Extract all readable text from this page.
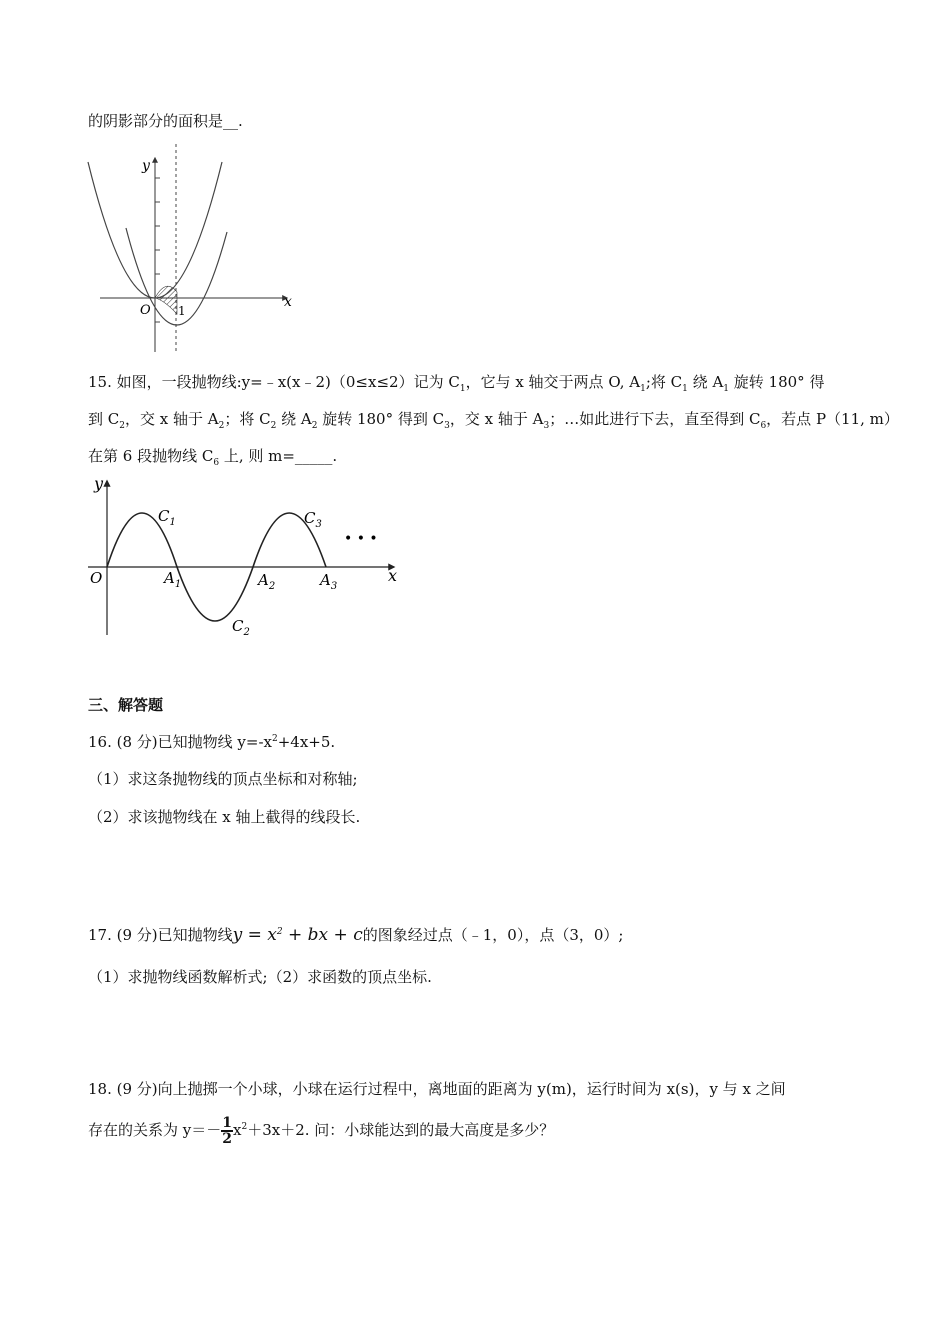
的阴影部分的面积是__.
y
x
O 1
15. 如图，一段抛物线:y=﹣x(x﹣2)（0≤x≤2）记为 $C_1$，它与 x 轴交于两点 O, $A_1$;将 $C_1$ 绕 $A_1$ 旋转 180° 得
到 $C_2$，交 x 轴于 $A_2$；将 $C_2$ 绕 $A_2$ 旋转 180° 得到 $C_3$，交 x 轴于 $A_3$；…如此进行下去，直至得到 $C_6$，若点 P（11, m）
在第 6 段抛物线 $C_6$ 上, 则 m=_____.
y
x
O
$C_1$
$C_2$
$C_3$
$A_1$	$A_2$	$A_3$
• • •
三、解答题
16. (8 分)已知抛物线 $y=-x^2+4x+5$.
（1）求这条抛物线的顶点坐标和对称轴;
（2）求该抛物线在 x 轴上截得的线段长.
17. (9 分)已知抛物线$y = x^2$ + bx + c的图象经过点（﹣1，0），点（3，0）;
（1）求抛物线函数解析式;（2）求函数的顶点坐标.
18. (9 分)向上抛掷一个小球，小球在运行过程中，离地面的距离为 y(m)，运行时间为 x(s)，y 与 x 之间
存在的关系为 $y=- \frac{1}{2} x^2+3x+2$. 问：小球能达到的最大高度是多少？
